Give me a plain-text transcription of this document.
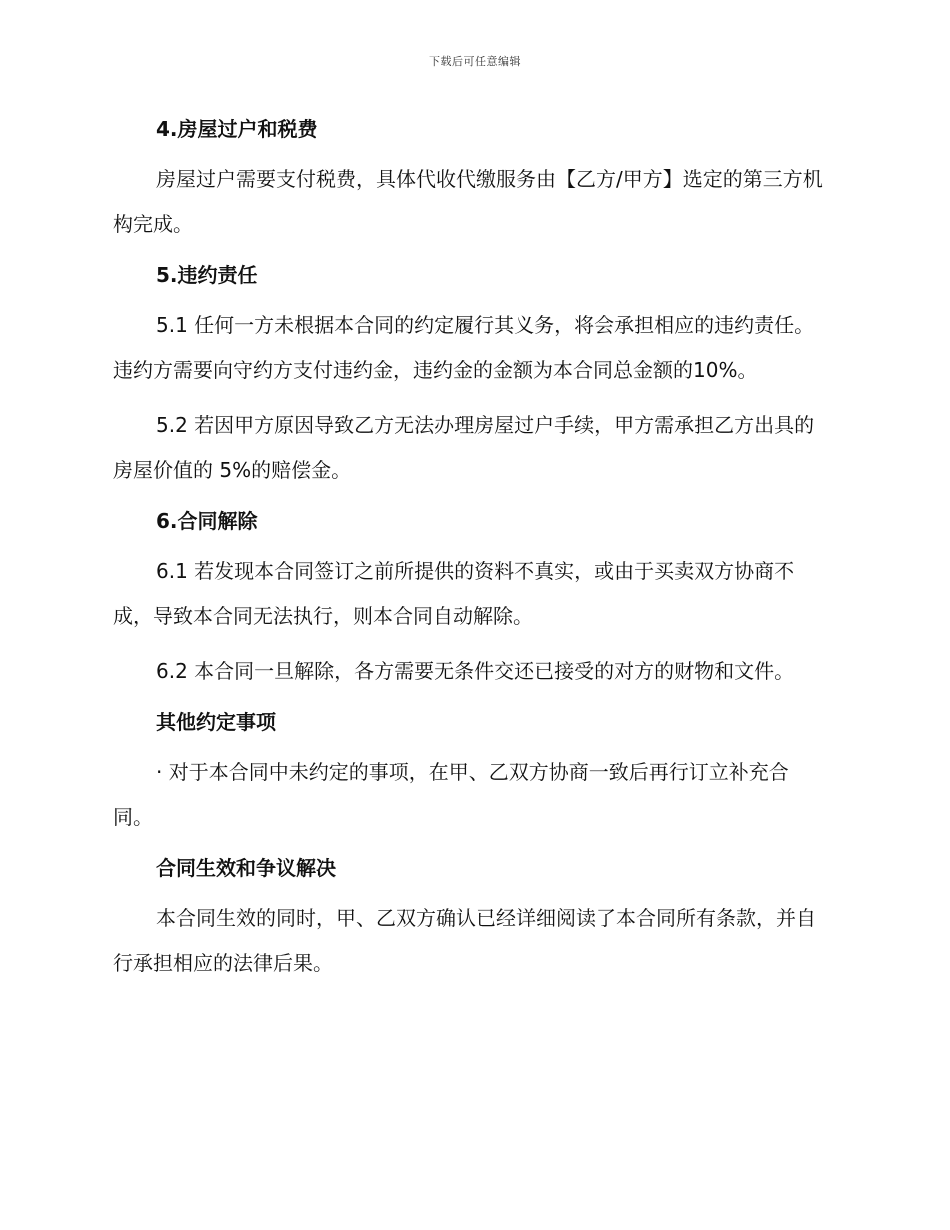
下载后可任意编辑
4.房屋过户和税费
房屋过户需要支付税费，具体代收代缴服务由【乙方/甲方】选定的第三方机构完成。
5.违约责任
5.1 任何一方未根据本合同的约定履行其义务，将会承担相应的违约责任。违约方需要向守约方支付违约金，违约金的金额为本合同总金额的10%。
5.2 若因甲方原因导致乙方无法办理房屋过户手续，甲方需承担乙方出具的房屋价值的 5%的赔偿金。
6.合同解除
6.1 若发现本合同签订之前所提供的资料不真实，或由于买卖双方协商不成，导致本合同无法执行，则本合同自动解除。
6.2 本合同一旦解除，各方需要无条件交还已接受的对方的财物和文件。
其他约定事项
· 对于本合同中未约定的事项，在甲、乙双方协商一致后再行订立补充合同。
合同生效和争议解决
本合同生效的同时，甲、乙双方确认已经详细阅读了本合同所有条款，并自行承担相应的法律后果。
